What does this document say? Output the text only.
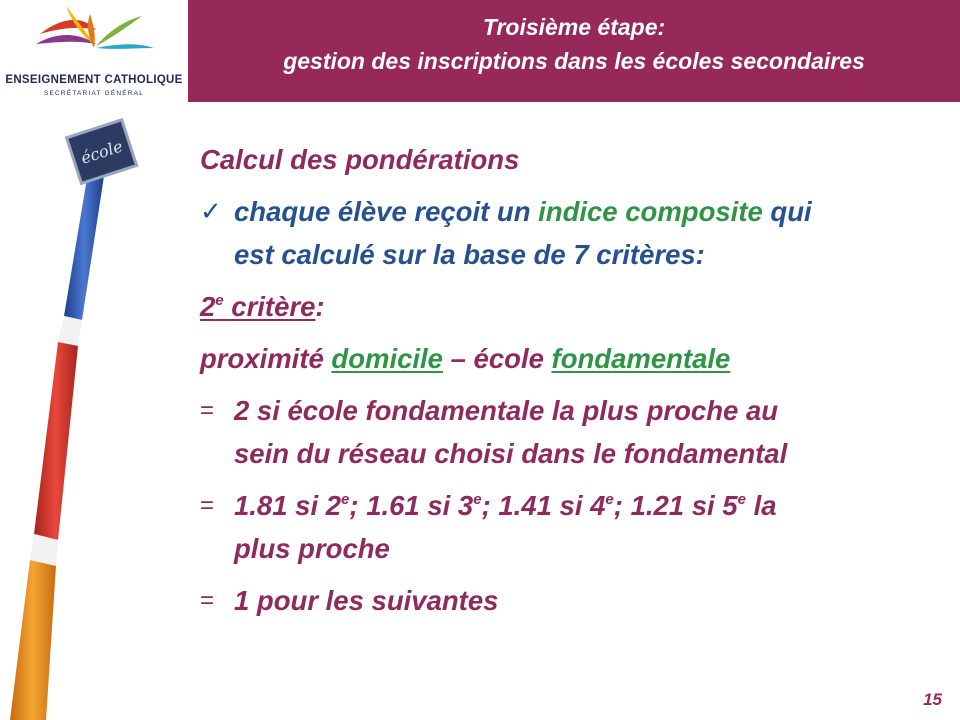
ENSEIGNEMENT CATHOLIQUE
SECRÉTARIAT GÉNÉRAL
Troisième étape:
gestion des inscriptions dans les écoles secondaires
école	Calcul des pondérations
✓ chaque élève reçoit un indice composite qui
est calculé sur la base de 7 critères:
2e critère:
proximité domicile – école fondamentale
= 2 si école fondamentale la plus proche au
sein du réseau choisi dans le fondamental
= 1.81 si 2e; 1.61 si 3e; 1.41 si 4e; 1.21 si 5e la
plus proche
= 1 pour les suivantes
15
